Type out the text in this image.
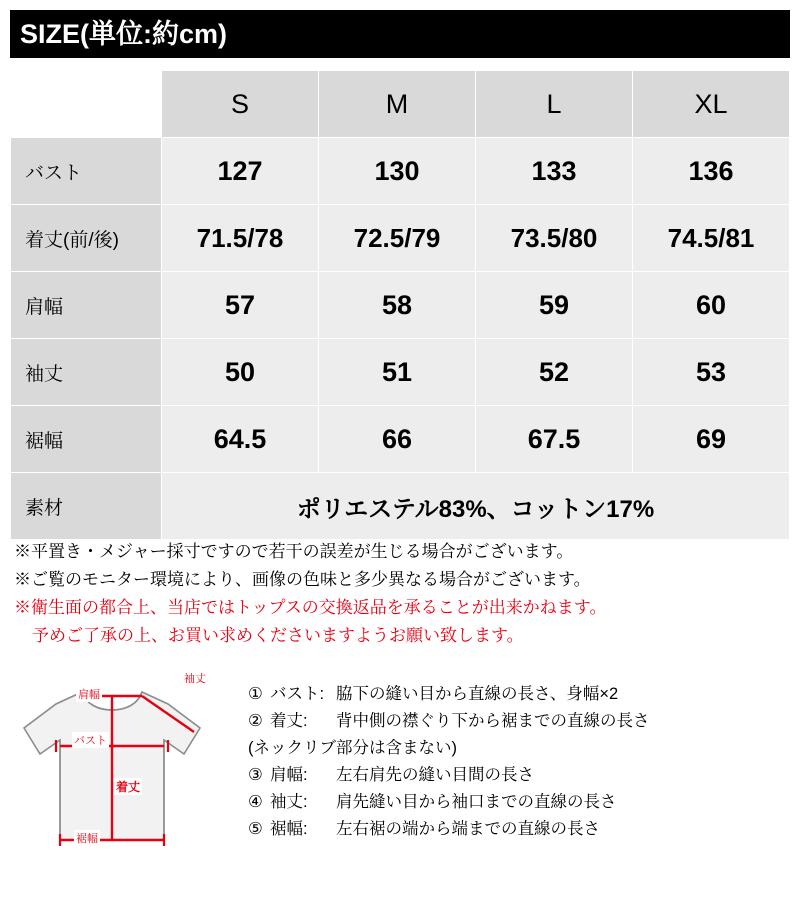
SIZE(単位:約cm)
	S	M	L	XL
バスト	127	130	133	136
着丈(前/後)	71.5/78	72.5/79	73.5/80	74.5/81
肩幅	57	58	59	60
袖丈	50	51	52	53
裾幅	64.5	66	67.5	69
素材	ポリエステル83%、コットン17%			
※平置き・メジャー採寸ですので若干の誤差が生じる場合がございます。
※ご覧のモニター環境により、画像の色味と多少異なる場合がございます。
※衛生面の都合上、当店ではトップスの交換返品を承ることが出来かねます。
予めご了承の上、お買い求めくださいますようお願い致します。
袖丈
肩幅
バスト
着丈
裾幅
① バスト: 脇下の縫い目から直線の長さ、身幅×2
② 着丈: 背中側の襟ぐり下から裾までの直線の長さ
(ネックリブ部分は含まない)
③ 肩幅: 左右肩先の縫い目間の長さ
④ 袖丈: 肩先縫い目から袖口までの直線の長さ
⑤ 裾幅: 左右裾の端から端までの直線の長さ
